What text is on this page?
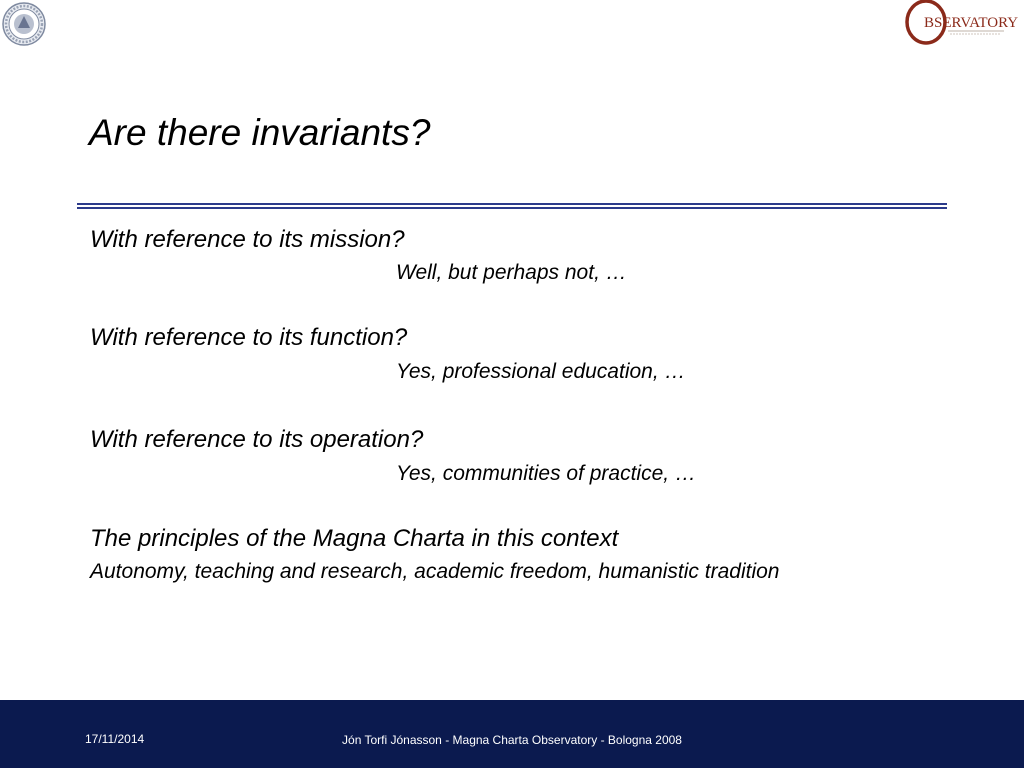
BSERVATORY
Are there invariants?

With reference to its mission?

Well, but perhaps not, …

With reference to its function?

Yes, professional education, …

With reference to its operation?

Yes, communities of practice, …

The principles of the Magna Charta in this context

Autonomy, teaching and research, academic freedom, humanistic tradition

17/11/2014	Jón Torfi Jónasson - Magna Charta Observatory - Bologna 2008
